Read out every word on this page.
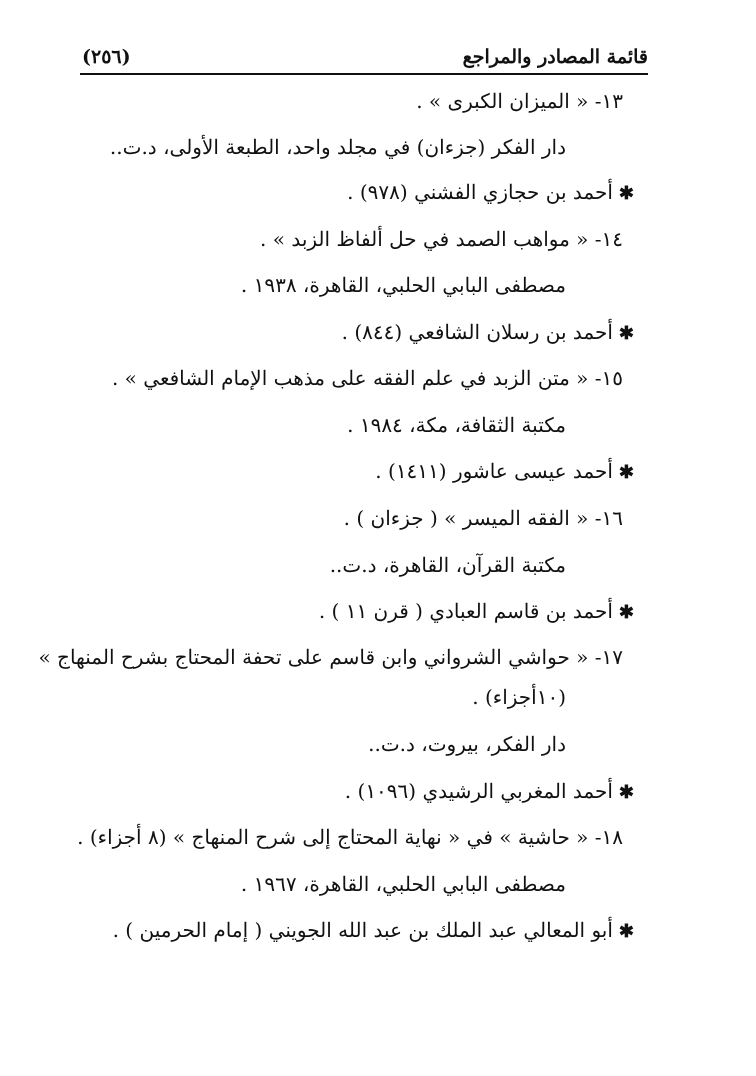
قائمة المصادر والمراجع
(٢٥٦)
١٣- « الميزان الكبرى » .
دار الفكر (جزءان) في مجلد واحد، الطبعة الأولى، د.ت..
✱أحمد بن حجازي الفشني (٩٧٨) .
١٤- « مواهب الصمد في حل ألفاظ الزبد » .
مصطفى البابي الحلبي، القاهرة، ١٩٣٨ .
✱أحمد بن رسلان الشافعي (٨٤٤) .
١٥- « متن الزبد في علم الفقه على مذهب الإمام الشافعي » .
مكتبة الثقافة، مكة، ١٩٨٤ .
✱أحمد عيسى عاشور (١٤١١) .
١٦- « الفقه الميسر » ( جزءان ) .
مكتبة القرآن، القاهرة، د.ت..
✱أحمد بن قاسم العبادي ( قرن ١١ ) .
١٧- « حواشي الشرواني وابن قاسم على تحفة المحتاج بشرح المنهاج »
(١٠أجزاء) .
دار الفكر، بيروت، د.ت..
✱أحمد المغربي الرشيدي (١٠٩٦) .
١٨- « حاشية » في « نهاية المحتاج إلى شرح المنهاج » (٨ أجزاء) .
مصطفى البابي الحلبي، القاهرة، ١٩٦٧ .
✱أبو المعالي عبد الملك بن عبد الله الجويني ( إمام الحرمين ) .
